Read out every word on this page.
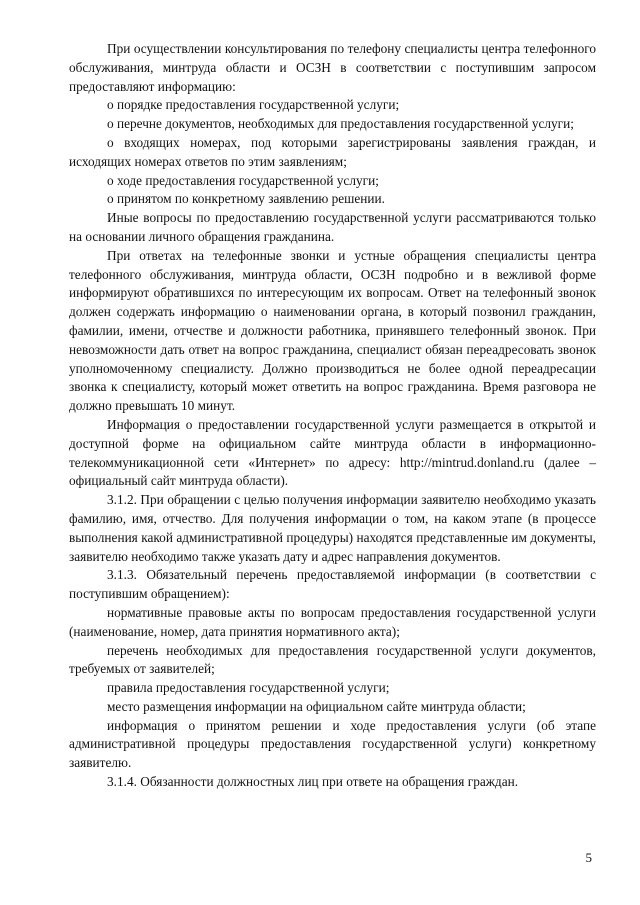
При осуществлении консультирования по телефону специалисты центра телефонного обслуживания, минтруда области и ОСЗН в соответствии с поступившим запросом предоставляют информацию:

о порядке предоставления государственной услуги;

о перечне документов, необходимых для предоставления государственной услуги;

о входящих номерах, под которыми зарегистрированы заявления граждан, и исходящих номерах ответов по этим заявлениям;

о ходе предоставления государственной услуги;

о принятом по конкретному заявлению решении.

Иные вопросы по предоставлению государственной услуги рассматриваются только на основании личного обращения гражданина.

При ответах на телефонные звонки и устные обращения специалисты центра телефонного обслуживания, минтруда области, ОСЗН подробно и в вежливой форме информируют обратившихся по интересующим их вопросам. Ответ на телефонный звонок должен содержать информацию о наименовании органа, в который позвонил гражданин, фамилии, имени, отчестве и должности работника, принявшего телефонный звонок. При невозможности дать ответ на вопрос гражданина, специалист обязан переадресовать звонок уполномоченному специалисту. Должно производиться не более одной переадресации звонка к специалисту, который может ответить на вопрос гражданина. Время разговора не должно превышать 10 минут.

Информация о предоставлении государственной услуги размещается в открытой и доступной форме на официальном сайте минтруда области в информационно-телекоммуникационной сети «Интернет» по адресу: http://mintrud.donland.ru (далее – официальный сайт минтруда области).

3.1.2. При обращении с целью получения информации заявителю необходимо указать фамилию, имя, отчество. Для получения информации о том, на каком этапе (в процессе выполнения какой административной процедуры) находятся представленные им документы, заявителю необходимо также указать дату и адрес направления документов.

3.1.3. Обязательный перечень предоставляемой информации (в соответствии с поступившим обращением):

нормативные правовые акты по вопросам предоставления государственной услуги (наименование, номер, дата принятия нормативного акта);

перечень необходимых для предоставления государственной услуги документов, требуемых от заявителей;

правила предоставления государственной услуги;

место размещения информации на официальном сайте минтруда области;

информация о принятом решении и ходе предоставления услуги (об этапе административной процедуры предоставления государственной услуги) конкретному заявителю.

3.1.4. Обязанности должностных лиц при ответе на обращения граждан.

5
